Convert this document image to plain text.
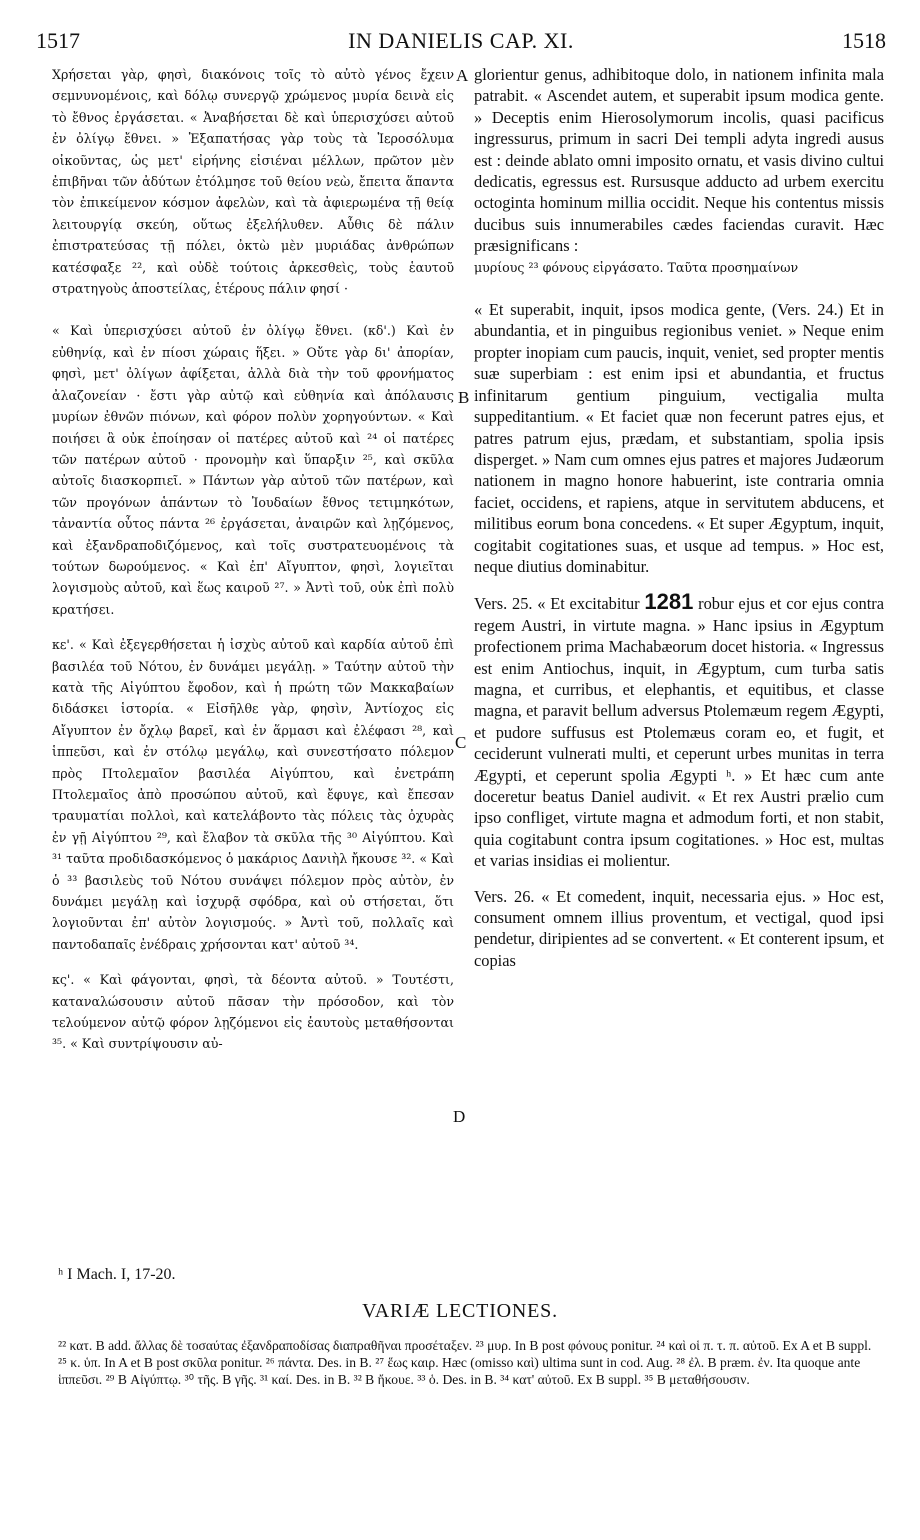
1517	IN DANIELIS CAP. XI.	1518

Χρήσεται γὰρ, φησὶ, διακόνοις τοῖς τὸ αὐτὸ γένος ἔχειν σεμνυνομένοις, καὶ δόλῳ συνεργῷ χρώμενος μυρία δεινὰ εἰς τὸ ἔθνος ἐργάσεται. « Ἀναβήσεται δὲ καὶ ὑπερισχύσει αὐτοῦ ἐν ὀλίγῳ ἔθνει. » Ἐξαπατήσας γὰρ τοὺς τὰ Ἱεροσόλυμα οἰκοῦντας, ὡς μετ' εἰρήνης εἰσιέναι μέλλων, πρῶτον μὲν ἐπιβῆναι τῶν ἀδύτων ἐτόλμησε τοῦ θείου νεὼ, ἔπειτα ἅπαντα τὸν ἐπικείμενον κόσμον ἀφελὼν, καὶ τὰ ἀφιερωμένα τῇ θείᾳ λειτουργίᾳ σκεύη, οὕτως ἐξελήλυθεν. Αὖθις δὲ πάλιν ἐπιστρατεύσας τῇ πόλει, ὀκτὼ μὲν μυριάδας ἀνθρώπων κατέσφαξε ²², καὶ οὐδὲ τούτοις ἀρκεσθεὶς, τοὺς ἑαυτοῦ στρατηγοὺς ἀποστείλας, ἑτέρους πάλιν φησί ·

« Καὶ ὑπερισχύσει αὐτοῦ ἐν ὀλίγῳ ἔθνει. (κδ'.) Καὶ ἐν εὐθηνίᾳ, καὶ ἐν πίοσι χώραις ἥξει. » Οὔτε γὰρ δι' ἀπορίαν, φησὶ, μετ' ὀλίγων ἀφίξεται, ἀλλὰ διὰ τὴν τοῦ φρονήματος ἀλαζονείαν · ἔστι γὰρ αὐτῷ καὶ εὐθηνία καὶ ἀπόλαυσις μυρίων ἐθνῶν πιόνων, καὶ φόρον πολὺν χορηγούντων. « Καὶ ποιήσει ἃ οὐκ ἐποίησαν οἱ πατέρες αὐτοῦ καὶ ²⁴ οἱ πατέρες τῶν πατέρων αὐτοῦ · προνομὴν καὶ ὕπαρξιν ²⁵, καὶ σκῦλα αὐτοῖς διασκορπιεῖ. » Πάντων γὰρ αὐτοῦ τῶν πατέρων, καὶ τῶν προγόνων ἁπάντων τὸ Ἰουδαίων ἔθνος τετιμηκότων, τἀναντία οὗτος πάντα ²⁶ ἐργάσεται, ἀναιρῶν καὶ λῃζόμενος, καὶ ἐξανδραποδιζόμενος, καὶ τοῖς συστρατευομένοις τὰ τούτων δωρούμενος. « Καὶ ἐπ' Αἴγυπτον, φησὶ, λογιεῖται λογισμοὺς αὐτοῦ, καὶ ἕως καιροῦ ²⁷. » Ἀντὶ τοῦ, οὐκ ἐπὶ πολὺ κρατήσει.

κε'. « Καὶ ἐξεγερθήσεται ἡ ἰσχὺς αὐτοῦ καὶ καρδία αὐτοῦ ἐπὶ βασιλέα τοῦ Νότου, ἐν δυνάμει μεγάλῃ. » Ταύτην αὐτοῦ τὴν κατὰ τῆς Αἰγύπτου ἔφοδον, καὶ ἡ πρώτη τῶν Μακκαβαίων διδάσκει ἱστορία. « Εἰσῆλθε γὰρ, φησὶν, Ἀντίοχος εἰς Αἴγυπτον ἐν ὄχλῳ βαρεῖ, καὶ ἐν ἅρμασι καὶ ἐλέφασι ²⁸, καὶ ἱππεῦσι, καὶ ἐν στόλῳ μεγάλῳ, καὶ συνεστήσατο πόλεμον πρὸς Πτολεμαῖον βασιλέα Αἰγύπτου, καὶ ἐνετράπη Πτολεμαῖος ἀπὸ προσώπου αὐτοῦ, καὶ ἔφυγε, καὶ ἔπεσαν τραυματίαι πολλοὶ, καὶ κατελάβοντο τὰς πόλεις τὰς ὀχυρὰς ἐν γῇ Αἰγύπτου ²⁹, καὶ ἔλαβον τὰ σκῦλα τῆς ³⁰ Αἰγύπτου. Καὶ ³¹ ταῦτα προδιδασκόμενος ὁ μακάριος Δανιὴλ ἤκουσε ³². « Καὶ ὁ ³³ βασιλεὺς τοῦ Νότου συνάψει πόλεμον πρὸς αὐτὸν, ἐν δυνάμει μεγάλῃ καὶ ἰσχυρᾷ σφόδρα, καὶ οὐ στήσεται, ὅτι λογιοῦνται ἐπ' αὐτὸν λογισμούς. » Ἀντὶ τοῦ, πολλαῖς καὶ παντοδαπαῖς ἐνέδραις χρήσονται κατ' αὐτοῦ ³⁴.

κς'. « Καὶ φάγονται, φησὶ, τὰ δέοντα αὐτοῦ. » Τουτέστι, καταναλώσουσιν αὐτοῦ πᾶσαν τὴν πρόσοδον, καὶ τὸν τελούμενον αὐτῷ φόρον λῃζόμενοι εἰς ἑαυτοὺς μεταθήσονται ³⁵. « Καὶ συντρίψουσιν αὐ-

glorientur genus, adhibitoque dolo, in nationem infinita mala patrabit. « Ascendet autem, et superabit ipsum modica gente. » Deceptis enim Hierosolymorum incolis, quasi pacificus ingressurus, primum in sacri Dei templi adyta ingredi ausus est : deinde ablato omni imposito ornatu, et vasis divino cultui dedicatis, egressus est. Rursusque adducto ad urbem exercitu octoginta hominum millia occidit. Neque his contentus missis ducibus suis innumerabiles cædes faciendas curavit. Hæc præsignificans :

μυρίους ²³ φόνους εἰργάσατο. Ταῦτα προσημαίνων

« Et superabit, inquit, ipsos modica gente, (Vers. 24.) Et in abundantia, et in pinguibus regionibus veniet. » Neque enim propter inopiam cum paucis, inquit, veniet, sed propter mentis suæ superbiam : est enim ipsi et abundantia, et fructus infinitarum gentium pinguium, vectigalia multa suppeditantium. « Et faciet quæ non fecerunt patres ejus, et patres patrum ejus, prædam, et substantiam, spolia ipsis disperget. » Nam cum omnes ejus patres et majores Judæorum nationem in magno honore habuerint, iste contraria omnia faciet, occidens, et rapiens, atque in servitutem abducens, et militibus eorum bona concedens. « Et super Ægyptum, inquit, cogitabit cogitationes suas, et usque ad tempus. » Hoc est, neque diutius dominabitur.

Vers. 25. « Et excitabitur 1281 robur ejus et cor ejus contra regem Austri, in virtute magna. » Hanc ipsius in Ægyptum profectionem prima Machabæorum docet historia. « Ingressus est enim Antiochus, inquit, in Ægyptum, cum turba satis magna, et curribus, et elephantis, et equitibus, et classe magna, et paravit bellum adversus Ptolemæum regem Ægypti, et pudore suffusus est Ptolemæus coram eo, et fugit, et ceciderunt vulnerati multi, et ceperunt urbes munitas in terra Ægypti, et ceperunt spolia Ægypti ʰ. » Et hæc cum ante doceretur beatus Daniel audivit. « Et rex Austri prælio cum ipso confliget, virtute magna et admodum forti, et non stabit, quia cogitabunt contra ipsum cogitationes. » Hoc est, multas et varias insidias ei molientur.

Vers. 26. « Et comedent, inquit, necessaria ejus. » Hoc est, consument omnem illius proventum, et vectigal, quod ipsi pendetur, diripientes ad se convertent. « Et conterent ipsum, et copias

A
B
C
D
ʰ I Mach. I, 17-20.
VARIÆ LECTIONES.

²² κατ. B add. ἄλλας δὲ τοσαύτας ἐξανδραποδίσας διαπραθῆναι προσέταξεν. ²³ μυρ. In B post φόνους ponitur. ²⁴ καὶ οἱ π. τ. π. αὐτοῦ. Ex A et B suppl. ²⁵ κ. ὑπ. In A et B post σκῦλα ponitur. ²⁶ πάντα. Des. in B. ²⁷ ἕως καιρ. Hæc (omisso καὶ) ultima sunt in cod. Aug. ²⁸ ἐλ. B præm. ἐν. Ita quoque ante ἱππεῦσι. ²⁹ B Αἰγύπτῳ. ³⁰ τῆς. B γῆς. ³¹ καί. Des. in B. ³² B ἤκουε. ³³ ὁ. Des. in B. ³⁴ κατ' αὐτοῦ. Ex B suppl. ³⁵ B μεταθήσουσιν.
